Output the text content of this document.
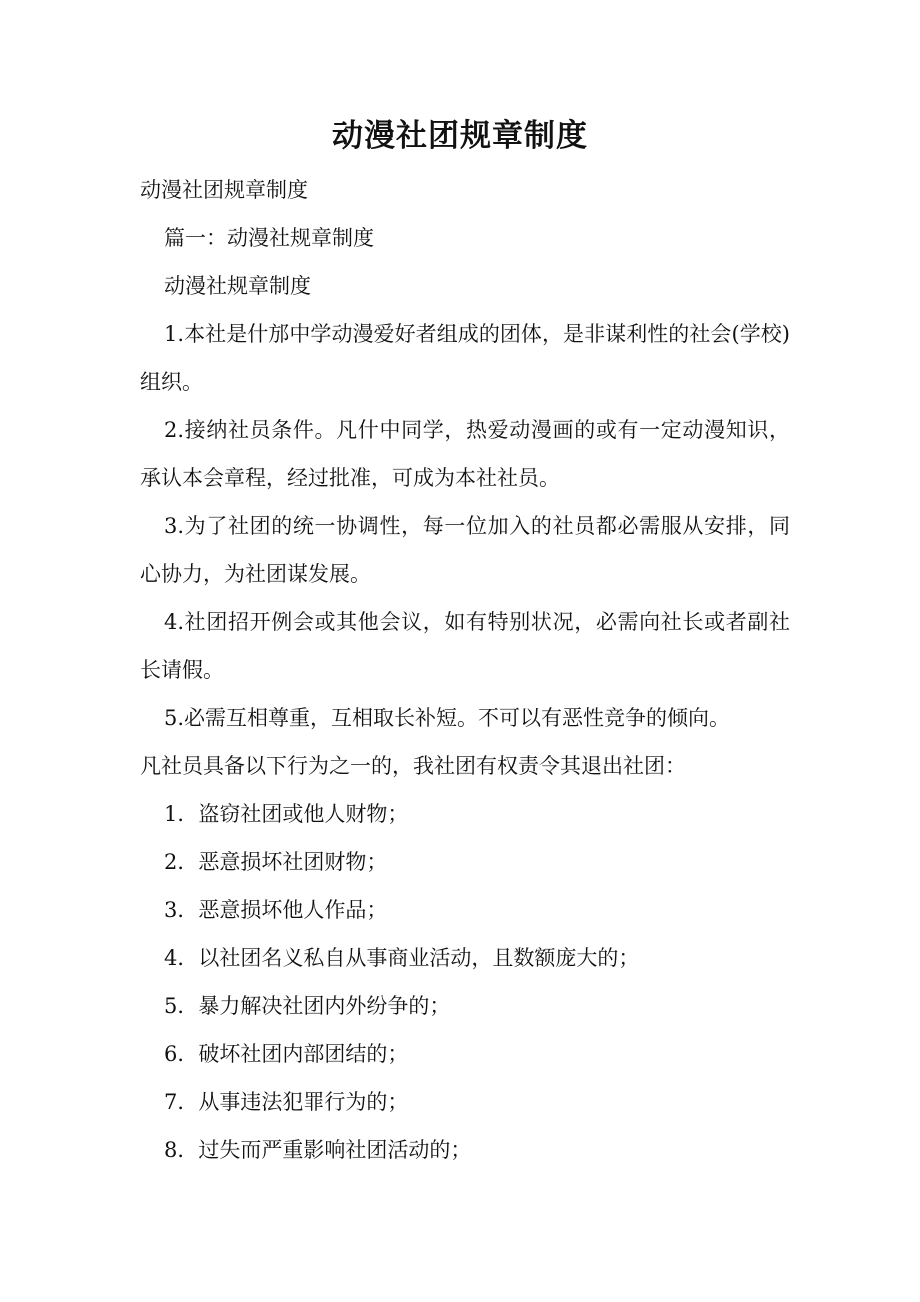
动漫社团规章制度

动漫社团规章制度

篇一：动漫社规章制度

动漫社规章制度

1.本社是什邡中学动漫爱好者组成的团体，是非谋利性的社会(学校)组织。

2.接纳社员条件。凡什中同学，热爱动漫画的或有一定动漫知识，承认本会章程，经过批准，可成为本社社员。

3.为了社团的统一协调性，每一位加入的社员都必需服从安排，同心协力，为社团谋发展。

4.社团招开例会或其他会议，如有特别状况，必需向社长或者副社长请假。

5.必需互相尊重，互相取长补短。不可以有恶性竞争的倾向。

凡社员具备以下行为之一的，我社团有权责令其退出社团：

1．盗窃社团或他人财物；

2．恶意损坏社团财物；

3．恶意损坏他人作品；

4．以社团名义私自从事商业活动，且数额庞大的；

5．暴力解决社团内外纷争的；

6．破坏社团内部团结的；

7．从事违法犯罪行为的；

8．过失而严重影响社团活动的；
